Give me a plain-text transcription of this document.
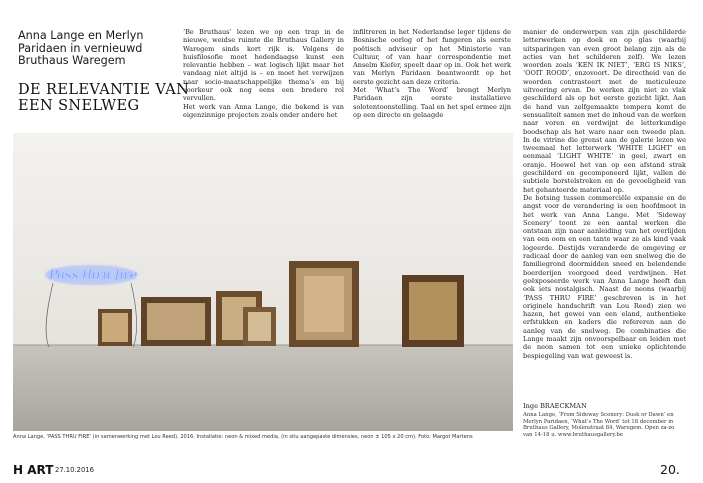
Anna Lange en Merlyn Paridaen in vernieuwd Bruthaus Waregem
DE RELEVANTIE VAN EEN SNELWEG

‘Be Bruthaus’ lezen we op een trap in de nieuwe, weidse ruimte die Bruthaus Gallery in Waregem sinds kort rijk is. Volgens de huisfilosofie moet hedendaagse kunst een relevantie hebben – wat logisch lijkt maar het vandaag niet altijd is – en moet het verwijzen naar socio-maatschappelijke thema’s en bij voorkeur ook nog eens een bredere rol vervullen.

Het werk van Anna Lange, die bekend is van eigenzinnige projecten zoals onder andere het

infiltreren in het Nederlandse leger tijdens de Bosnische oorlog of het fungeren als eerste poëtisch adviseur op het Ministerie van Cultuur, of van haar correspondentie met Anselm Kiefer, speelt daar op in. Ook het werk van Merlyn Paridaen beantwoordt op het eerste gezicht aan deze criteria.

Met ‘What’s The Word’ brengt Merlyn Paridaen zijn eerste installatieve solotentoonstelling. Taal en het spel ermee zijn op een directe en gelaagde

manier de onderwerpen van zijn geschilderde letterwerken op doek en op glas (waarbij uitsparingen van even groot belang zijn als de acties van het schilderen zelf). We lezen woorden zoals ‘KEN IK NIET’, ‘ERG IS NIKS’, ‘OOIT ROOD’, enzovoort. De directheid van de woorden contrasteert met de meticuleuze uitvoering ervan. De werken zijn niet zo vlak geschilderd als op het eerste gezicht lijkt. Aan de hand van zelfgemaakte tempera komt de sensualiteit samen met de inhoud van de werken naar voren en verdwijnt de letterkundige boodschap als het ware naar een tweede plan. In de vitrine die grenst aan de galerie lezen we tweemaal het letterwerk ‘WHITE LIGHT’ en eenmaal ‘LIGHT WHITE’ in geel, zwart en oranje. Hoewel het van op een afstand strak geschilderd en gecomponeerd lijkt, vallen de subtiele borstelstreken en de gevoeligheid van het gehanteerde materiaal op.

De botsing tussen commerciële expansie en de angst voor de verandering is een hoofdmoot in het werk van Anna Lange. Met ‘Sideway Scenery’ toont ze een aantal werken die ontstaan zijn naar aanleiding van het overlijden van een oom en een tante waar ze als kind vaak logeerde. Destijds veranderde de omgeving er radicaal door de aanleg van een snelweg die de familiegrond doormidden sneed en belendende boerderijen voorgoed deed verdwijnen. Het geëxposeerde werk van Anna Lange heeft dan ook iets nostalgisch. Naast de neons (waarbij ‘PASS THRU FIRE’ geschreven is in het originele handschrift van Lou Reed) zien we hazen, het gewei van een eland, authentieke erfstukken en kaders die refereren aan de aanleg van de snelweg. De combinaties die Lange maakt zijn onvoorspelbaar en leiden met de neon samen tot een unieke oplichtende bespiegeling van wat geweest is.

Inge BRAECKMAN
Anna Lange, ‘From Sideway Scenery: Dusk or Dawn’ en Merlyn Paridaen, ‘What’s The Word’ tot 18 december in Bruthaus Gallery, Molenstraat 84, Waregem. Open za-zo van 14-18 u. www.bruthausgallery.be
Pass thru fire
Anna Lange, ‘PASS THRU FIRE’ (in samenwerking met Lou Reed), 2016. Installatie: neon & mixed media, (in situ aangepaste dimensies, neon ± 105 x 20 cm). Foto: Margot Martens
H ART 27.10.2016	20.
